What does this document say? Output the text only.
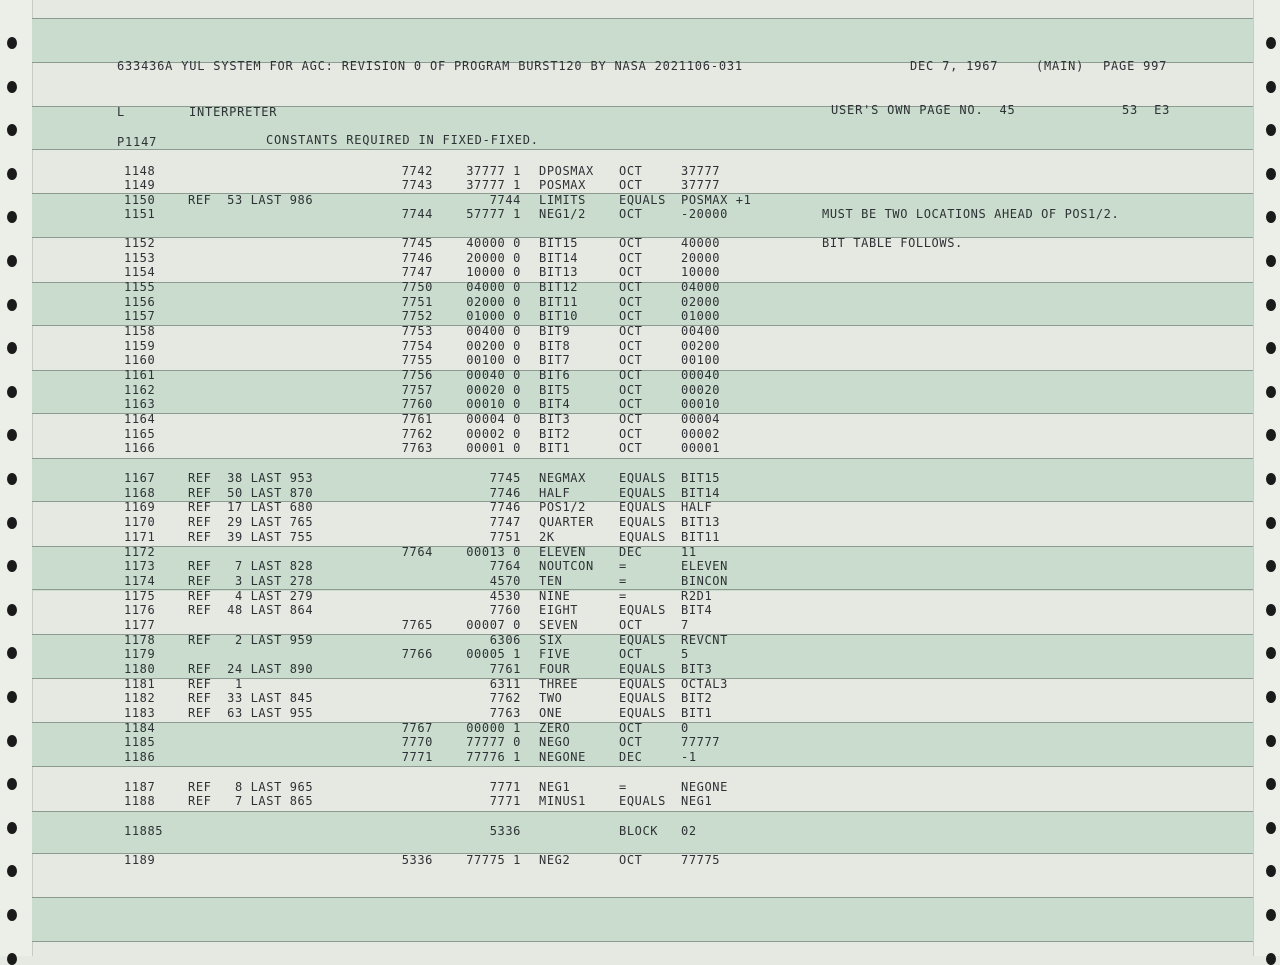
633436A YUL SYSTEM FOR AGC: REVISION 0 OF PROGRAM BURST120 BY NASA 2021106-031	DEC 7, 1967	(MAIN) PAGE 997
L	INTERPRETER	USER'S OWN PAGE NO.  45	53  E3
P1147	CONSTANTS REQUIRED IN FIXED-FIXED.
1148	7742	37777 1 DPOSMAX OCT	37777
1149	7743	37777 1 POSMAX	OCT	37777
1150	REF  53 LAST 986	7744 LIMITS	EQUALS POSMAX +1
1151	7744	57777 1 NEG1/2	OCT	-20000	MUST BE TWO LOCATIONS AHEAD OF POS1/2.
1152	7745	40000 0 BIT15	OCT	40000	BIT TABLE FOLLOWS.
1153	7746	20000 0 BIT14	OCT	20000
1154	7747	10000 0 BIT13	OCT	10000
1155	7750	04000 0 BIT12	OCT	04000
1156	7751	02000 0 BIT11	OCT	02000
1157	7752	01000 0 BIT10	OCT	01000
1158	7753	00400 0 BIT9	OCT	00400
1159	7754	00200 0 BIT8	OCT	00200
1160	7755	00100 0 BIT7	OCT	00100
1161	7756	00040 0 BIT6	OCT	00040
1162	7757	00020 0 BIT5	OCT	00020
1163	7760	00010 0 BIT4	OCT	00010
1164	7761	00004 0 BIT3	OCT	00004
1165	7762	00002 0 BIT2	OCT	00002
1166	7763	00001 0 BIT1	OCT	00001
1167	REF  38 LAST 953	7745 NEGMAX	EQUALS BIT15
1168	REF  50 LAST 870	7746 HALF	EQUALS BIT14
1169	REF  17 LAST 680	7746 POS1/2	EQUALS HALF
1170	REF  29 LAST 765	7747 QUARTER EQUALS BIT13
1171	REF  39 LAST 755	7751 2K	EQUALS BIT11
1172	7764	00013 0 ELEVEN	DEC	11
1173	REF   7 LAST 828	7764 NOUTCON =	ELEVEN
1174	REF   3 LAST 278	4570 TEN	=	BINCON
1175	REF   4 LAST 279	4530 NINE	=	R2D1
1176	REF  48 LAST 864	7760 EIGHT	EQUALS BIT4
1177	7765	00007 0 SEVEN	OCT	7
1178	REF   2 LAST 959	6306 SIX	EQUALS REVCNT
1179	7766	00005 1 FIVE	OCT	5
1180	REF  24 LAST 890	7761 FOUR	EQUALS BIT3
1181	REF   1	6311 THREE	EQUALS OCTAL3
1182	REF  33 LAST 845	7762 TWO	EQUALS BIT2
1183	REF  63 LAST 955	7763 ONE	EQUALS BIT1
1184	7767	00000 1 ZERO	OCT	0
1185	7770	77777 0 NEGO	OCT	77777
1186	7771	77776 1 NEGONE	DEC	-1
1187	REF   8 LAST 965	7771 NEG1	=	NEGONE
1188	REF   7 LAST 865	7771 MINUS1	EQUALS NEG1
11885	5336	BLOCK 02
1189	5336	77775 1 NEG2	OCT	77775
